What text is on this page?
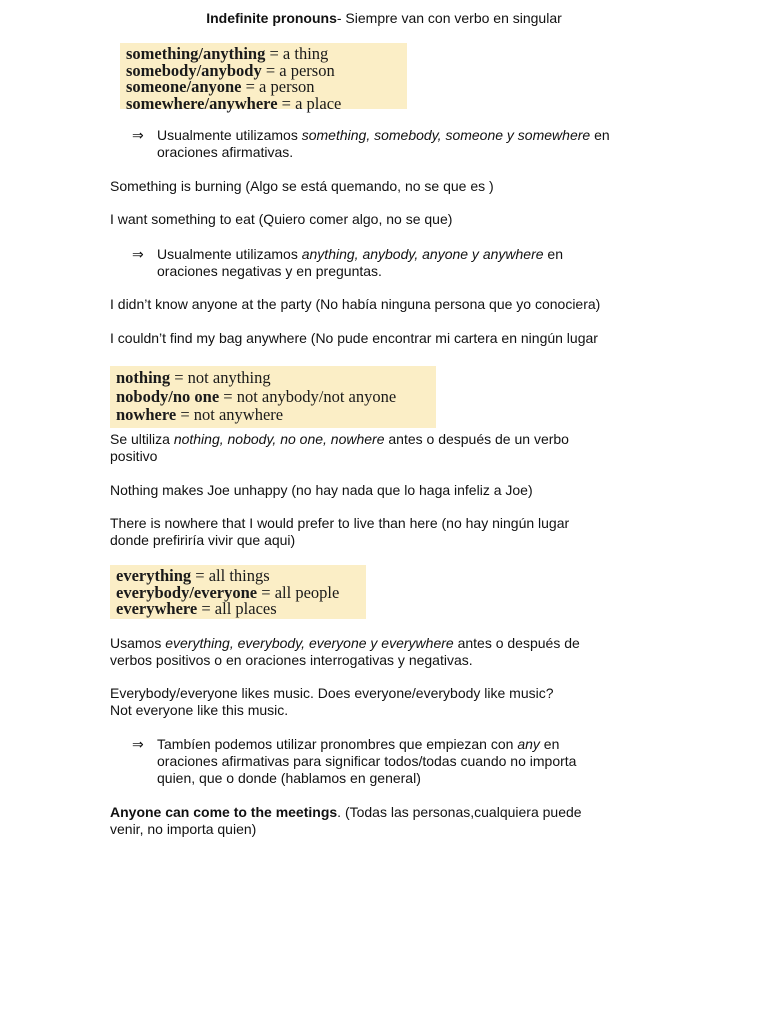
Indefinite pronouns- Siempre van con verbo en singular
something/anything = a thing
somebody/anybody = a person
someone/anyone = a person
somewhere/anywhere = a place
⇒ Usualmente utilizamos something, somebody, someone y somewhere en
oraciones afirmativas.
Something is burning (Algo se está quemando, no se que es )
I want something to eat (Quiero comer algo, no se que)
⇒ Usualmente utilizamos anything, anybody, anyone y anywhere en
oraciones negativas y en preguntas.
I didn’t know anyone at the party (No había ninguna persona que yo conociera)
I couldn’t find my bag anywhere (No pude encontrar mi cartera en ningún lugar
nothing = not anything
nobody/no one = not anybody/not anyone
nowhere = not anywhere
Se ultiliza nothing, nobody, no one, nowhere antes o después de un verbo
positivo
Nothing makes Joe unhappy (no hay nada que lo haga infeliz a Joe)
There is nowhere that I would prefer to live than here (no hay ningún lugar
donde prefiriría vivir que aqui)
everything = all things
everybody/everyone = all people
everywhere = all places
Usamos everything, everybody, everyone y everywhere antes o después de
verbos positivos o en oraciones interrogativas y negativas.
Everybody/everyone likes music. Does everyone/everybody like music?
Not everyone like this music.
⇒ Tambíen podemos utilizar pronombres que empiezan con any en
oraciones afirmativas para significar todos/todas cuando no importa
quien, que o donde (hablamos en general)
Anyone can come to the meetings. (Todas las personas,cualquiera puede
venir, no importa quien)
